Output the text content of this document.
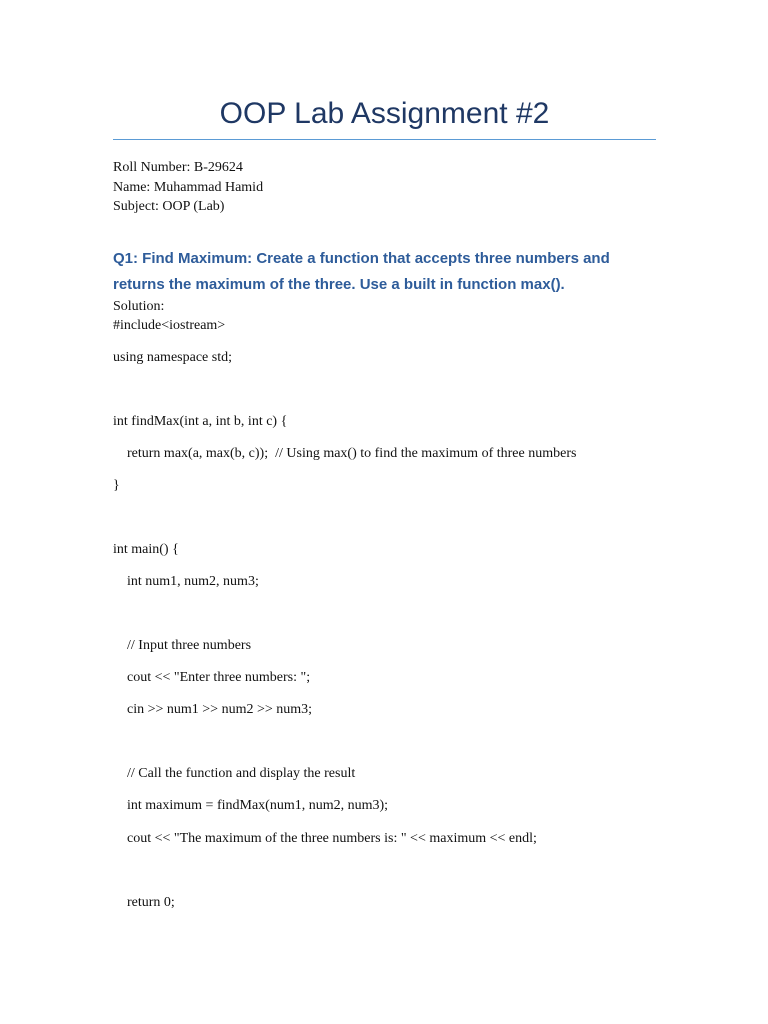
OOP Lab Assignment #2
Roll Number: B-29624
Name: Muhammad Hamid
Subject: OOP (Lab)
Q1: Find Maximum: Create a function that accepts three numbers and
returns the maximum of the three. Use a built in function max().
Solution:
#include<iostream>
using namespace std;
int findMax(int a, int b, int c) {
return max(a, max(b, c));  // Using max() to find the maximum of three numbers
}
int main() {
int num1, num2, num3;
// Input three numbers
cout << "Enter three numbers: ";
cin >> num1 >> num2 >> num3;
// Call the function and display the result
int maximum = findMax(num1, num2, num3);
cout << "The maximum of the three numbers is: " << maximum << endl;
return 0;
